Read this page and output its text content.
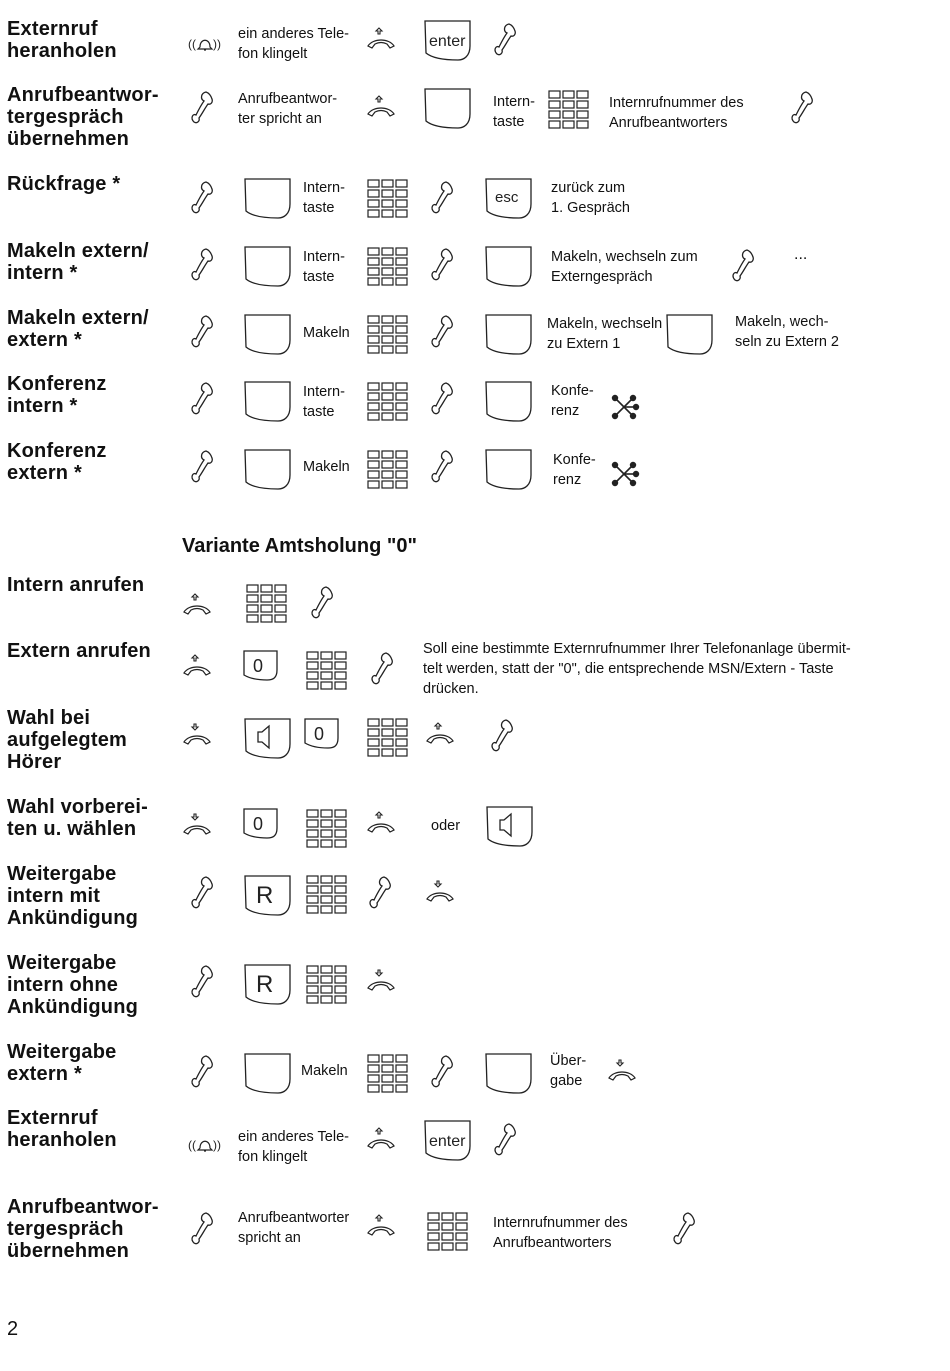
Externruf
heranholen
Anrufbeantwor-
tergespräch
übernehmen
Rückfrage *
Makeln extern/
intern *
Makeln extern/
extern *
Konferenz
intern *
Konferenz
extern *
Variante Amtsholung "0"
Intern anrufen
Extern anrufen
Wahl bei
aufgelegtem
Hörer
Wahl vorberei-
ten u. wählen
Weitergabe
intern mit
Ankündigung
Weitergabe
intern ohne
Ankündigung
Weitergabe
extern *
Externruf
heranholen
Anrufbeantwor-
tergespräch
übernehmen
ein anderes Tele-
fon klingelt
enter
Anrufbeantwor-
ter spricht an
Intern-
taste
Internrufnummer des
Anrufbeantworters
Intern-
taste
esc
zurück zum
1. Gespräch
Intern-
taste
Makeln, wechseln zum
Externgespräch
...
Makeln
Makeln, wechseln
zu Extern 1
Makeln, wech-
seln zu Extern 2
Intern-
taste
Konfe-
renz
Makeln	Konfe-
renz
0
Soll eine bestimmte Externrufnummer Ihrer Telefonanlage übermit-
telt werden, statt der "0", die entsprechende MSN/Extern - Taste
drücken.
0
0	oder
R
R
Makeln
Über-
gabe
ein anderes Tele-
fon klingelt
enter
Anrufbeantworter
spricht an
Internrufnummer des
Anrufbeantworters
2
